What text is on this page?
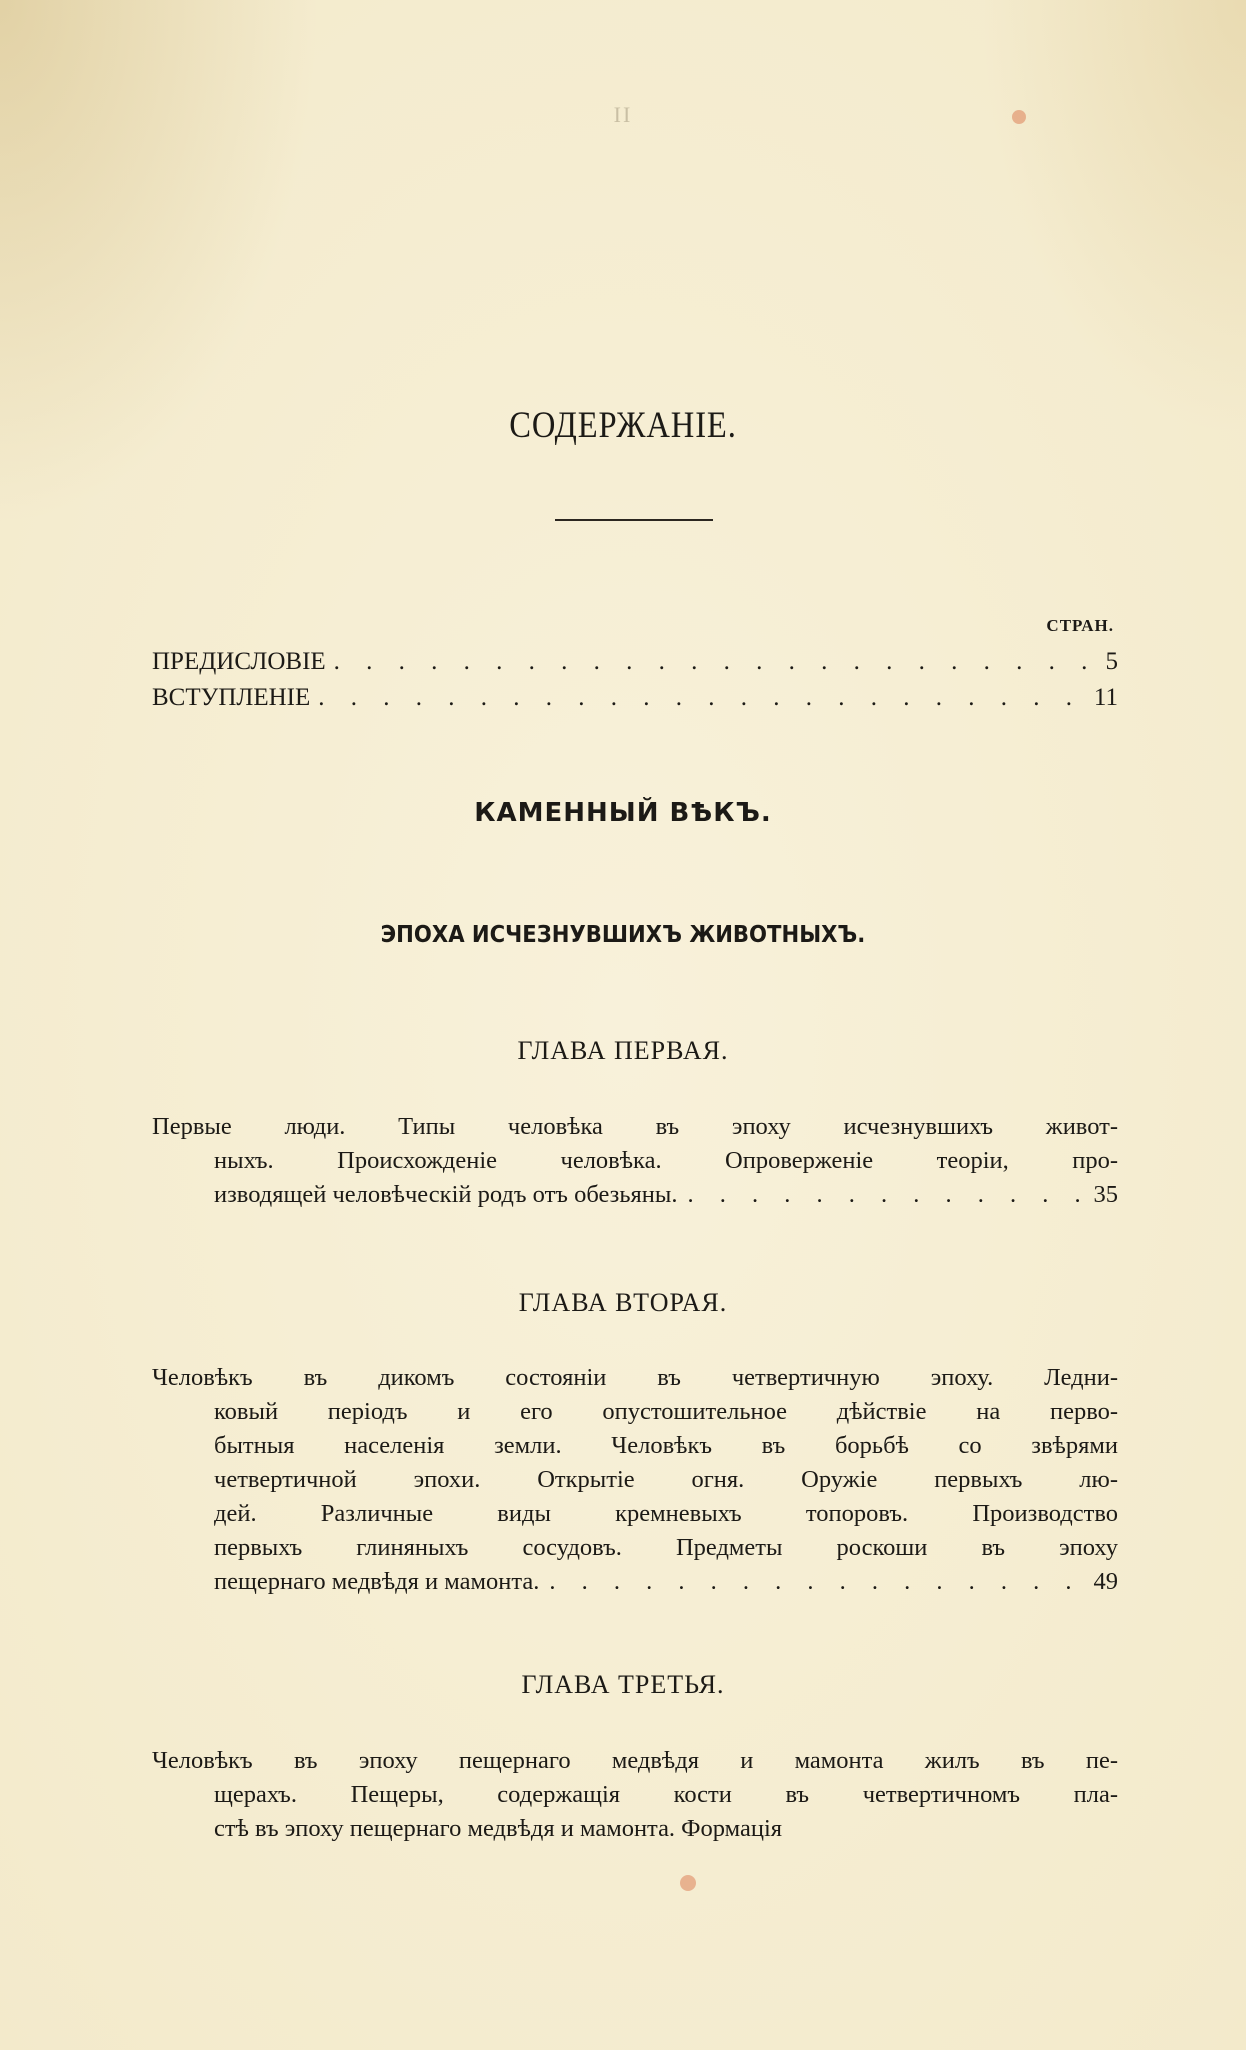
II
СОДЕРЖАНІЕ.
СТРАН.
ПРЕДИСЛОВІЕ . . .	5
ВСТУПЛЕНІЕ . . .	11
КАМЕННЫЙ ВѢКЪ.
ЭПОХА ИСЧЕЗНУВШИХЪ ЖИВОТНЫХЪ.
ГЛАВА ПЕРВАЯ.
Первые люди. Типы человѣка въ эпоху исчезнувшихъ живот-
ныхъ. Происхожденіе человѣка. Опроверженіе теоріи, про-
изводящей человѣческій родъ отъ обезьяны. . . .	35
ГЛАВА ВТОРАЯ.
Человѣкъ въ дикомъ состояніи въ четвертичную эпоху. Ледни-
ковый періодъ и его опустошительное дѣйствіе на перво-
бытныя населенія земли. Человѣкъ въ борьбѣ со звѣрями
четвертичной эпохи. Открытіе огня. Оружіе первыхъ лю-
дей. Различные виды кремневыхъ топоровъ. Производство
первыхъ глиняныхъ сосудовъ. Предметы роскоши въ эпоху
пещернаго медвѣдя и мамонта. . . .	49
ГЛАВА ТРЕТЬЯ.
Человѣкъ въ эпоху пещернаго медвѣдя и мамонта жилъ въ пе-
щерахъ. Пещеры, содержащія кости въ четвертичномъ пла-
стѣ въ эпоху пещернаго медвѣдя и мамонта. Формація
